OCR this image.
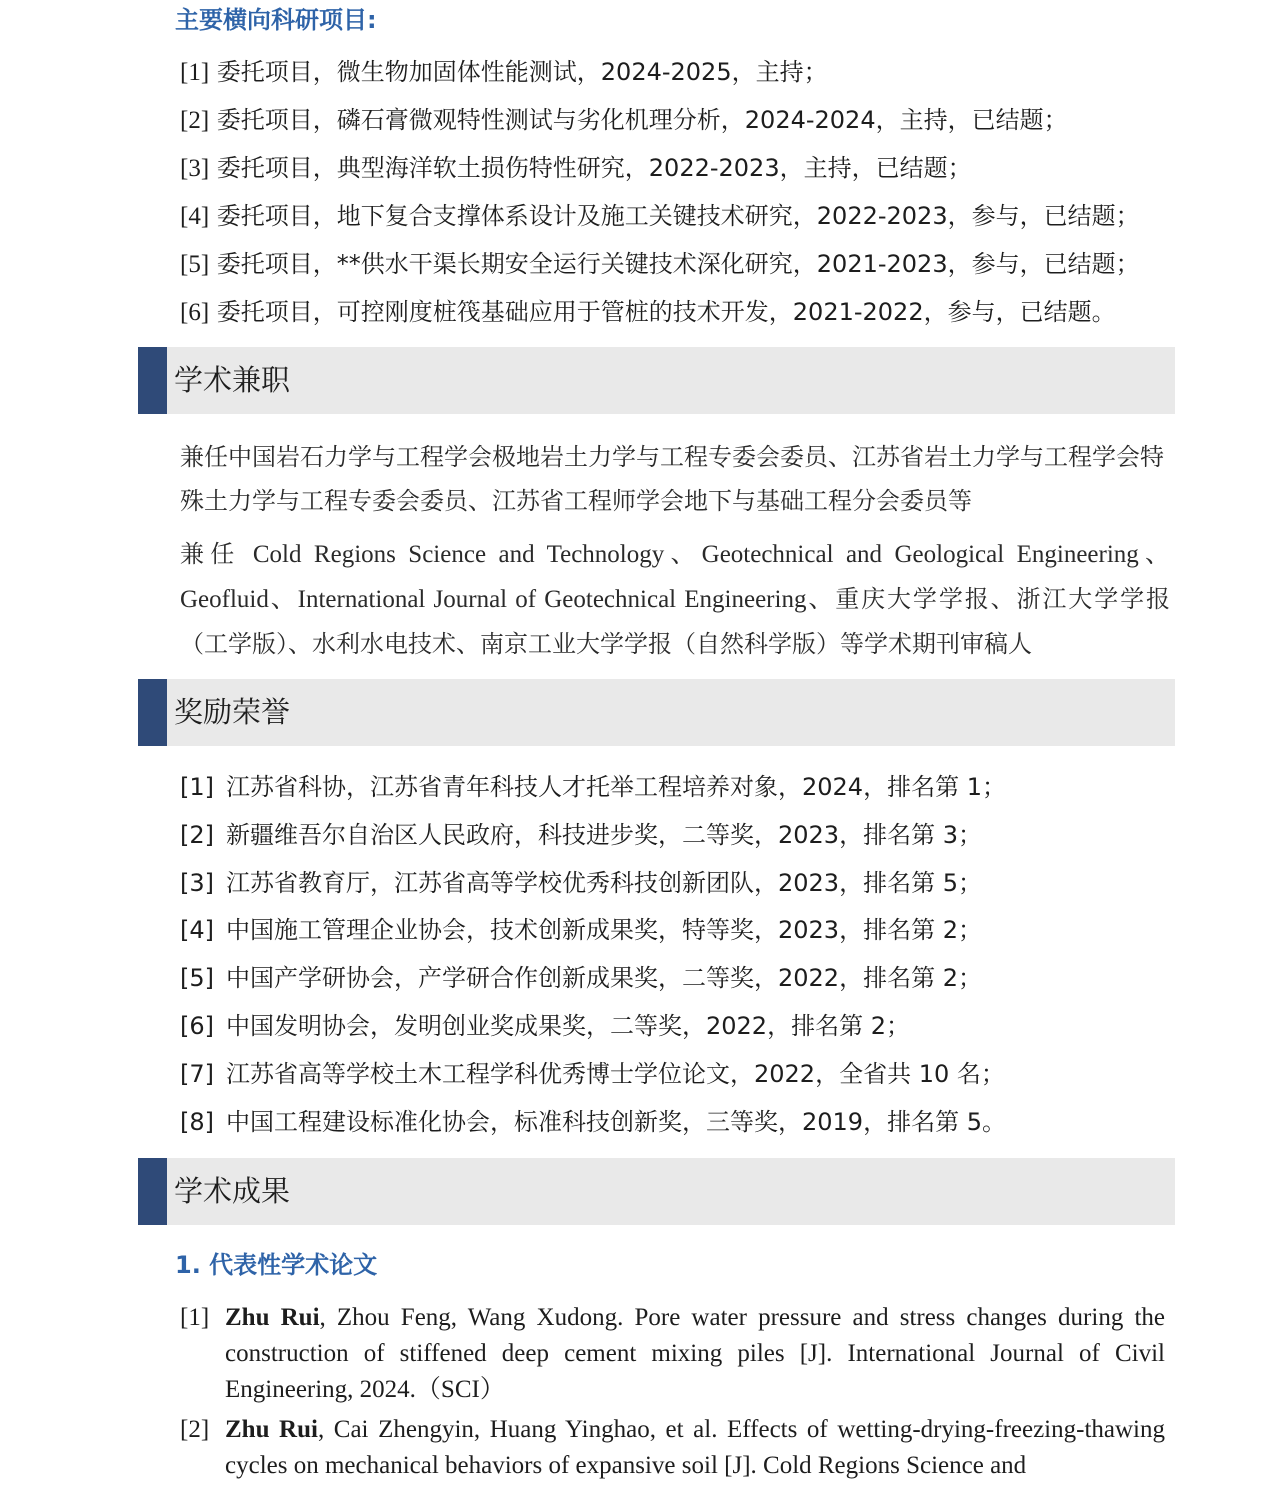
主要横向科研项目:
[1] 委托项目，微生物加固体性能测试，2024-2025，主持；
[2] 委托项目，磷石膏微观特性测试与劣化机理分析，2024-2024，主持，已结题；
[3] 委托项目，典型海洋软土损伤特性研究，2022-2023，主持，已结题；
[4] 委托项目，地下复合支撑体系设计及施工关键技术研究，2022-2023，参与，已结题；
[5] 委托项目，**供水干渠长期安全运行关键技术深化研究，2021-2023，参与，已结题；
[6] 委托项目，可控刚度桩筏基础应用于管桩的技术开发，2021-2022，参与，已结题。
学术兼职

兼任中国岩石力学与工程学会极地岩土力学与工程专委会委员、江苏省岩土力学与工程学会特殊土力学与工程专委会委员、江苏省工程师学会地下与基础工程分会委员等

兼任 Cold Regions Science and Technology、Geotechnical and Geological Engineering、Geofluid、International Journal of Geotechnical Engineering、重庆大学学报、浙江大学学报（工学版）、水利水电技术、南京工业大学学报（自然科学版）等学术期刊审稿人

奖励荣誉
[1] 江苏省科协，江苏省青年科技人才托举工程培养对象，2024，排名第 1；
[2] 新疆维吾尔自治区人民政府，科技进步奖，二等奖，2023，排名第 3；
[3] 江苏省教育厅，江苏省高等学校优秀科技创新团队，2023，排名第 5；
[4] 中国施工管理企业协会，技术创新成果奖，特等奖，2023，排名第 2；
[5] 中国产学研协会，产学研合作创新成果奖，二等奖，2022，排名第 2；
[6] 中国发明协会，发明创业奖成果奖，二等奖，2022，排名第 2；
[7] 江苏省高等学校土木工程学科优秀博士学位论文，2022，全省共 10 名；
[8] 中国工程建设标准化协会，标准科技创新奖，三等奖，2019，排名第 5。
学术成果
1. 代表性学术论文
[1] Zhu Rui, Zhou Feng, Wang Xudong. Pore water pressure and stress changes during the construction of stiffened deep cement mixing piles [J]. International Journal of Civil Engineering, 2024.（SCI）
[2] Zhu Rui, Cai Zhengyin, Huang Yinghao, et al. Effects of wetting-drying-freezing-thawing cycles on mechanical behaviors of expansive soil [J]. Cold Regions Science and
